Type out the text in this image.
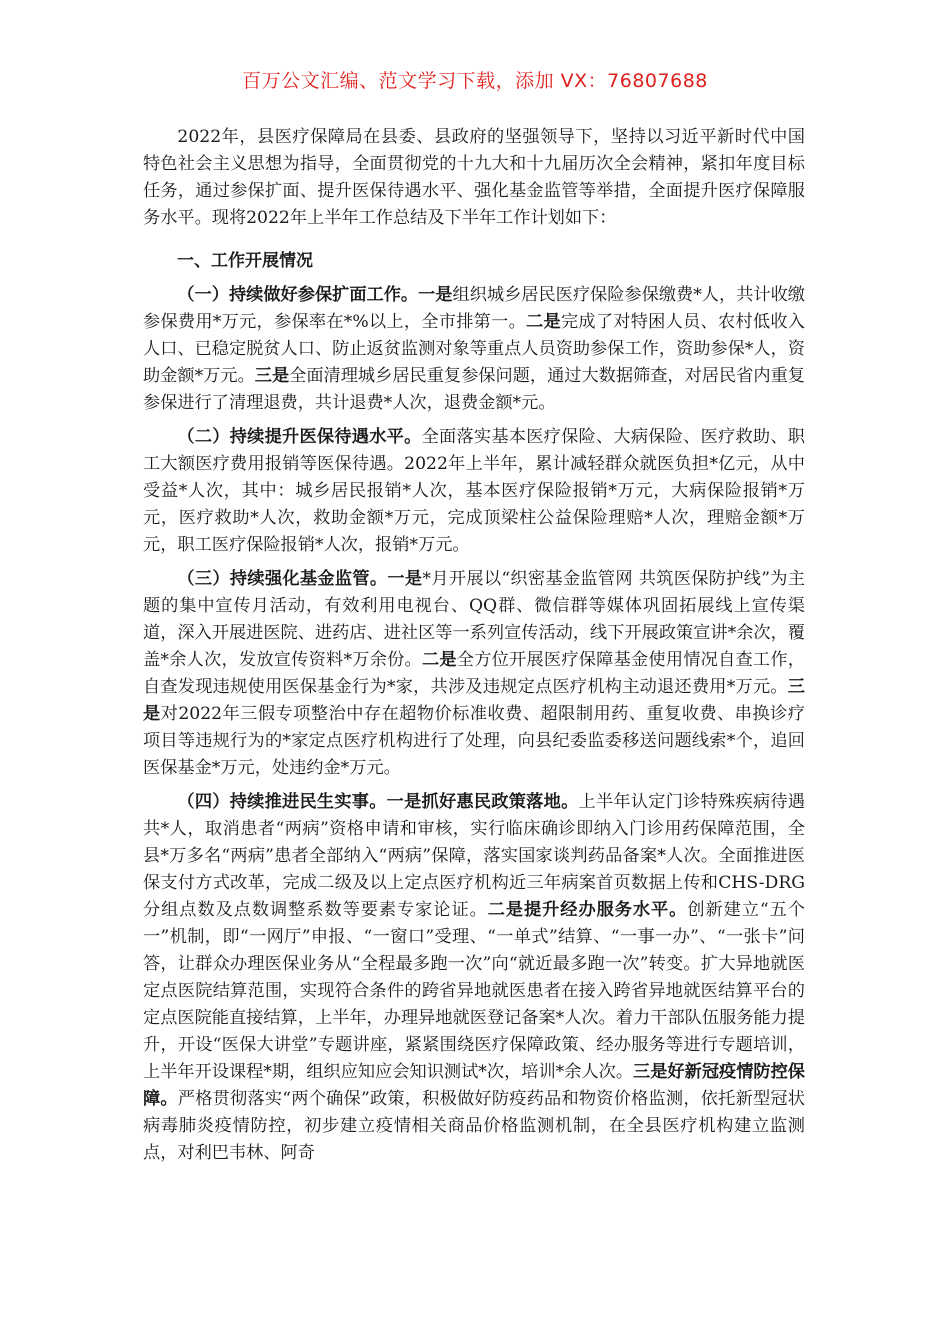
百万公文汇编、范文学习下载，添加 VX：76807688

2022年，县医疗保障局在县委、县政府的坚强领导下，坚持以习近平新时代中国特色社会主义思想为指导，全面贯彻党的十九大和十九届历次全会精神，紧扣年度目标任务，通过参保扩面、提升医保待遇水平、强化基金监管等举措，全面提升医疗保障服务水平。现将2022年上半年工作总结及下半年工作计划如下：

一、工作开展情况

（一）持续做好参保扩面工作。一是组织城乡居民医疗保险参保缴费*人，共计收缴参保费用*万元，参保率在*%以上，全市排第一。二是完成了对特困人员、农村低收入人口、已稳定脱贫人口、防止返贫监测对象等重点人员资助参保工作，资助参保*人，资助金额*万元。三是全面清理城乡居民重复参保问题，通过大数据筛查，对居民省内重复参保进行了清理退费，共计退费*人次，退费金额*元。

（二）持续提升医保待遇水平。全面落实基本医疗保险、大病保险、医疗救助、职工大额医疗费用报销等医保待遇。2022年上半年，累计减轻群众就医负担*亿元，从中受益*人次，其中：城乡居民报销*人次，基本医疗保险报销*万元，大病保险报销*万元，医疗救助*人次，救助金额*万元，完成顶梁柱公益保险理赔*人次，理赔金额*万元，职工医疗保险报销*人次，报销*万元。

（三）持续强化基金监管。一是*月开展以“织密基金监管网 共筑医保防护线”为主题的集中宣传月活动，有效利用电视台、QQ群、微信群等媒体巩固拓展线上宣传渠道，深入开展进医院、进药店、进社区等一系列宣传活动，线下开展政策宣讲*余次，覆盖*余人次，发放宣传资料*万余份。二是全方位开展医疗保障基金使用情况自查工作，自查发现违规使用医保基金行为*家，共涉及违规定点医疗机构主动退还费用*万元。三是对2022年三假专项整治中存在超物价标准收费、超限制用药、重复收费、串换诊疗项目等违规行为的*家定点医疗机构进行了处理，向县纪委监委移送问题线索*个，追回医保基金*万元，处违约金*万元。

（四）持续推进民生实事。一是抓好惠民政策落地。上半年认定门诊特殊疾病待遇共*人，取消患者“两病”资格申请和审核，实行临床确诊即纳入门诊用药保障范围，全县*万多名“两病”患者全部纳入“两病”保障，落实国家谈判药品备案*人次。全面推进医保支付方式改革，完成二级及以上定点医疗机构近三年病案首页数据上传和CHS-DRG分组点数及点数调整系数等要素专家论证。二是提升经办服务水平。创新建立“五个一”机制，即“一网厅”申报、“一窗口”受理、“一单式”结算、“一事一办”、“一张卡”问答，让群众办理医保业务从“全程最多跑一次”向“就近最多跑一次”转变。扩大异地就医定点医院结算范围，实现符合条件的跨省异地就医患者在接入跨省异地就医结算平台的定点医院能直接结算，上半年，办理异地就医登记备案*人次。着力干部队伍服务能力提升，开设“医保大讲堂”专题讲座，紧紧围绕医疗保障政策、经办服务等进行专题培训，上半年开设课程*期，组织应知应会知识测试*次，培训*余人次。三是好新冠疫情防控保障。严格贯彻落实“两个确保”政策，积极做好防疫药品和物资价格监测，依托新型冠状病毒肺炎疫情防控，初步建立疫情相关商品价格监测机制，在全县医疗机构建立监测点，对利巴韦林、阿奇
